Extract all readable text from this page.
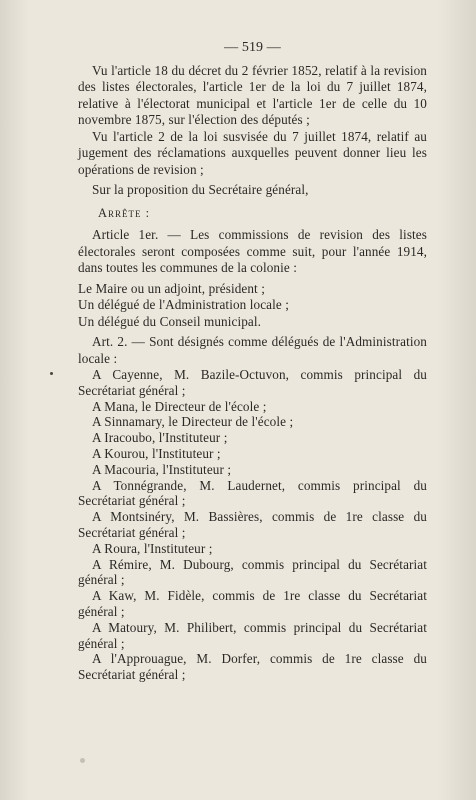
— 519 —

Vu l'article 18 du décret du 2 février 1852, relatif à la revision des listes électorales, l'article 1er de la loi du 7 juillet 1874, relative à l'électorat municipal et l'article 1er de celle du 10 novembre 1875, sur l'élection des députés ;

Vu l'article 2 de la loi susvisée du 7 juillet 1874, relatif au jugement des réclamations auxquelles peuvent donner lieu les opérations de revision ;

Sur la proposition du Secrétaire général,

Arrête :

Article 1er. — Les commissions de revision des listes électorales seront composées comme suit, pour l'année 1914, dans toutes les communes de la colonie :

Le Maire ou un adjoint, président ;

Un délégué de l'Administration locale ;

Un délégué du Conseil municipal.

Art. 2. — Sont désignés comme délégués de l'Administration locale :

A Cayenne, M. Bazile-Octuvon, commis principal du Secrétariat général ;

A Mana, le Directeur de l'école ;

A Sinnamary, le Directeur de l'école ;

A Iracoubo, l'Instituteur ;

A Kourou, l'Instituteur ;

A Macouria, l'Instituteur ;

A Tonnégrande, M. Laudernet, commis principal du Secrétariat général ;

A Montsinéry, M. Bassières, commis de 1re classe du Secrétariat général ;

A Roura, l'Instituteur ;

A Rémire, M. Dubourg, commis principal du Secrétariat général ;

A Kaw, M. Fidèle, commis de 1re classe du Secrétariat général ;

A Matoury, M. Philibert, commis principal du Secrétariat général ;

A l'Approuague, M. Dorfer, commis de 1re classe du Secrétariat général ;
